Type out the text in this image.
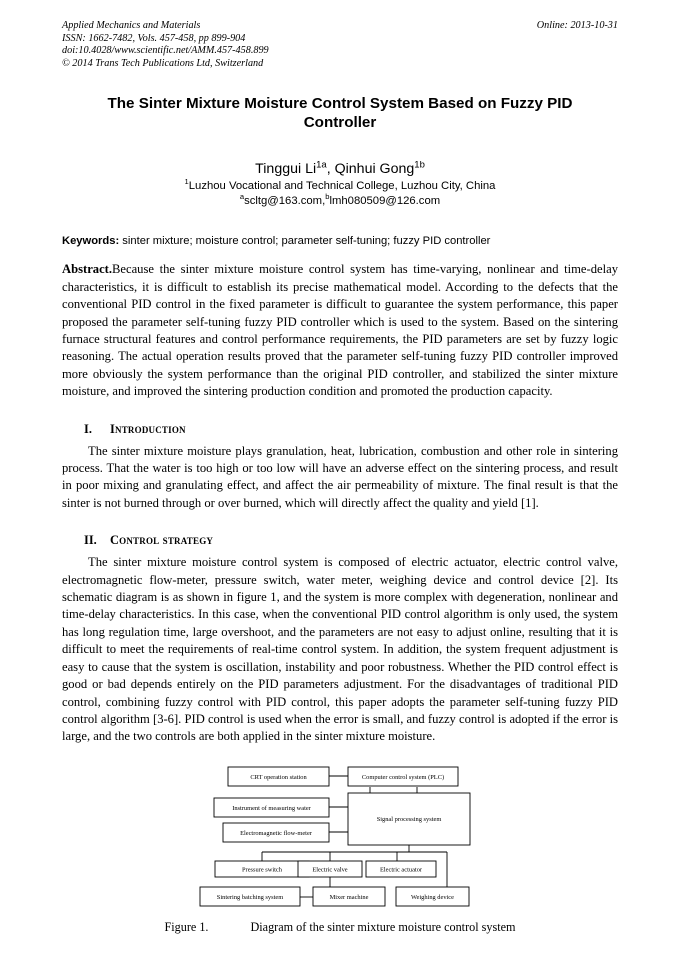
Applied Mechanics and Materials
ISSN: 1662-7482, Vols. 457-458, pp 899-904
doi:10.4028/www.scientific.net/AMM.457-458.899
© 2014 Trans Tech Publications Ltd, Switzerland
Online: 2013-10-31
The Sinter Mixture Moisture Control System Based on Fuzzy PID Controller
Tinggui $Li^{1a}$, Qinhui Gong$^{1b}$
$^1$Luzhou Vocational and Technical College, Luzhou City, China
$^a$scltg@163.com,$^b$lmh080509@126.com
Keywords: sinter mixture; moisture control; parameter self-tuning; fuzzy PID controller
Abstract.Because the sinter mixture moisture control system has time-varying, nonlinear and time-delay characteristics, it is difficult to establish its precise mathematical model. According to the defects that the conventional PID control in the fixed parameter is difficult to guarantee the system performance, this paper proposed the parameter self-tuning fuzzy PID controller which is used to the system. Based on the sintering furnace structural features and control performance requirements, the PID parameters are set by fuzzy logic reasoning. The actual operation results proved that the parameter self-tuning fuzzy PID controller improved more obviously the system performance than the original PID controller, and stabilized the sinter mixture moisture, and improved the sintering production condition and promoted the production capacity.
I. Introduction
The sinter mixture moisture plays granulation, heat, lubrication, combustion and other role in sintering process. That the water is too high or too low will have an adverse effect on the sintering process, and result in poor mixing and granulating effect, and affect the air permeability of mixture. The final result is that the sinter is not burned through or over burned, which will directly affect the quality and yield [1].
II. Control strategy
The sinter mixture moisture control system is composed of electric actuator, electric control valve, electromagnetic flow-meter, pressure switch, water meter, weighing device and control device [2]. Its schematic diagram is as shown in figure 1, and the system is more complex with degeneration, nonlinear and time-delay characteristics. In this case, when the conventional PID control algorithm is only used, the system has long regulation time, large overshoot, and the parameters are not easy to adjust online, resulting that it is difficult to meet the requirements of real-time control system. In addition, the system frequent adjustment is easy to cause that the system is oscillation, instability and poor robustness. Whether the PID control effect is good or bad depends entirely on the PID parameters adjustment. For the disadvantages of traditional PID control, combining fuzzy control with PID control, this paper adopts the parameter self-tuning fuzzy PID control algorithm [3-6]. PID control is used when the error is small, and fuzzy control is adopted if the error is large, and the two controls are both applied in the sinter mixture moisture.
CRT operation station	Computer control system (PLC)
Instrument of measuring water
Electromagnetic flow-meter
Signal processing system
Pressure switch	Electric valve	Electric actuator
Sintering batching system	Mixer machine	Weighing device
Figure 1.	Diagram of the sinter mixture moisture control system
